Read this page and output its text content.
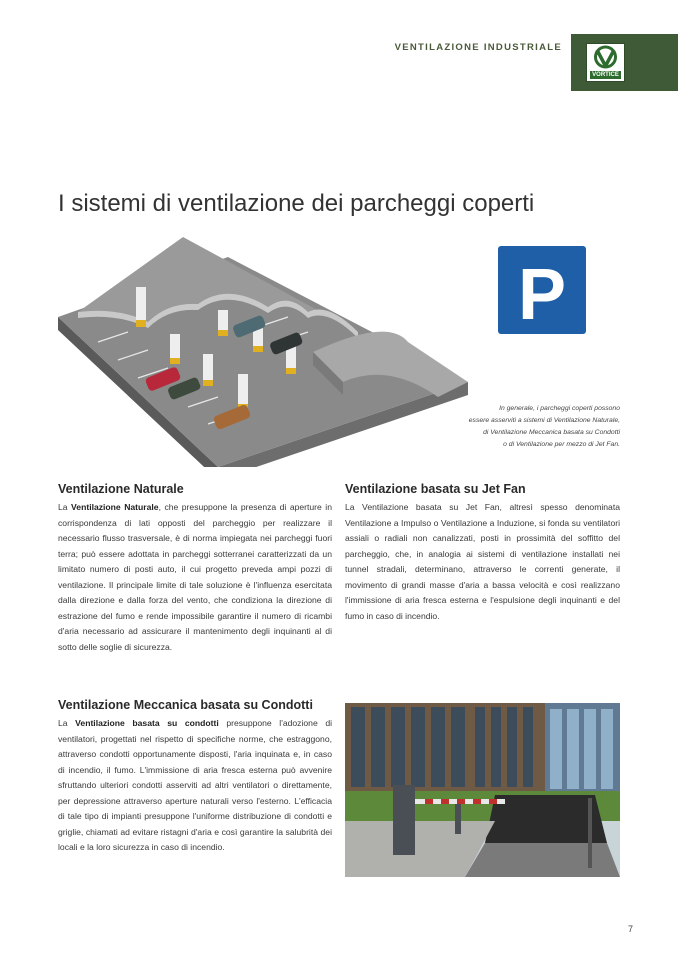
VENTILAZIONE INDUSTRIALE
VORTICE
I sistemi di ventilazione dei parcheggi coperti
P
In generale, i parcheggi coperti possono
essere asserviti a sistemi di Ventilazione Naturale,
di Ventilazione Meccanica basata su Condotti
o di Ventilazione per mezzo di Jet Fan.
Ventilazione Naturale

La Ventilazione Naturale, che presuppone la presenza di aperture in corrispondenza di lati opposti del parcheggio per realizzare il necessario flusso trasversale, è di norma impiegata nei parcheggi fuori terra; può essere adottata in parcheggi sotterranei caratterizzati da un limitato numero di posti auto, il cui progetto preveda ampi pozzi di ventilazione. Il principale limite di tale soluzione è l'influenza esercitata dalla direzione e dalla forza del vento, che condiziona la direzione di estrazione del fumo e rende impossibile garantire il numero di ricambi d'aria necessario ad assicurare il mantenimento degli inquinanti al di sotto delle soglie di sicurezza.

Ventilazione basata su Jet Fan

La Ventilazione basata su Jet Fan, altresì spesso denominata Ventilazione a Impulso o Ventilazione a Induzione, si fonda su ventilatori assiali o radiali non canalizzati, posti in prossimità del soffitto del parcheggio, che, in analogia ai sistemi di ventilazione installati nei tunnel stradali, determinano, attraverso le correnti generate, il movimento di grandi masse d'aria a bassa velocità e così realizzano l'immissione di aria fresca esterna e l'espulsione degli inquinanti e del fumo in caso di incendio.

Ventilazione Meccanica basata su Condotti

La Ventilazione basata su condotti presuppone l'adozione di ventilatori, progettati nel rispetto di specifiche norme, che estraggono, attraverso condotti opportunamente disposti, l'aria inquinata e, in caso di incendio, il fumo. L'immissione di aria fresca esterna può avvenire sfruttando ulteriori condotti asserviti ad altri ventilatori o direttamente, per depressione attraverso aperture naturali verso l'esterno. L'efficacia di tale tipo di impianti presuppone l'uniforme distribuzione di condotti e griglie, chiamati ad evitare ristagni d'aria e così garantire la salubrità dei locali e la loro sicurezza in caso di incendio.

7
